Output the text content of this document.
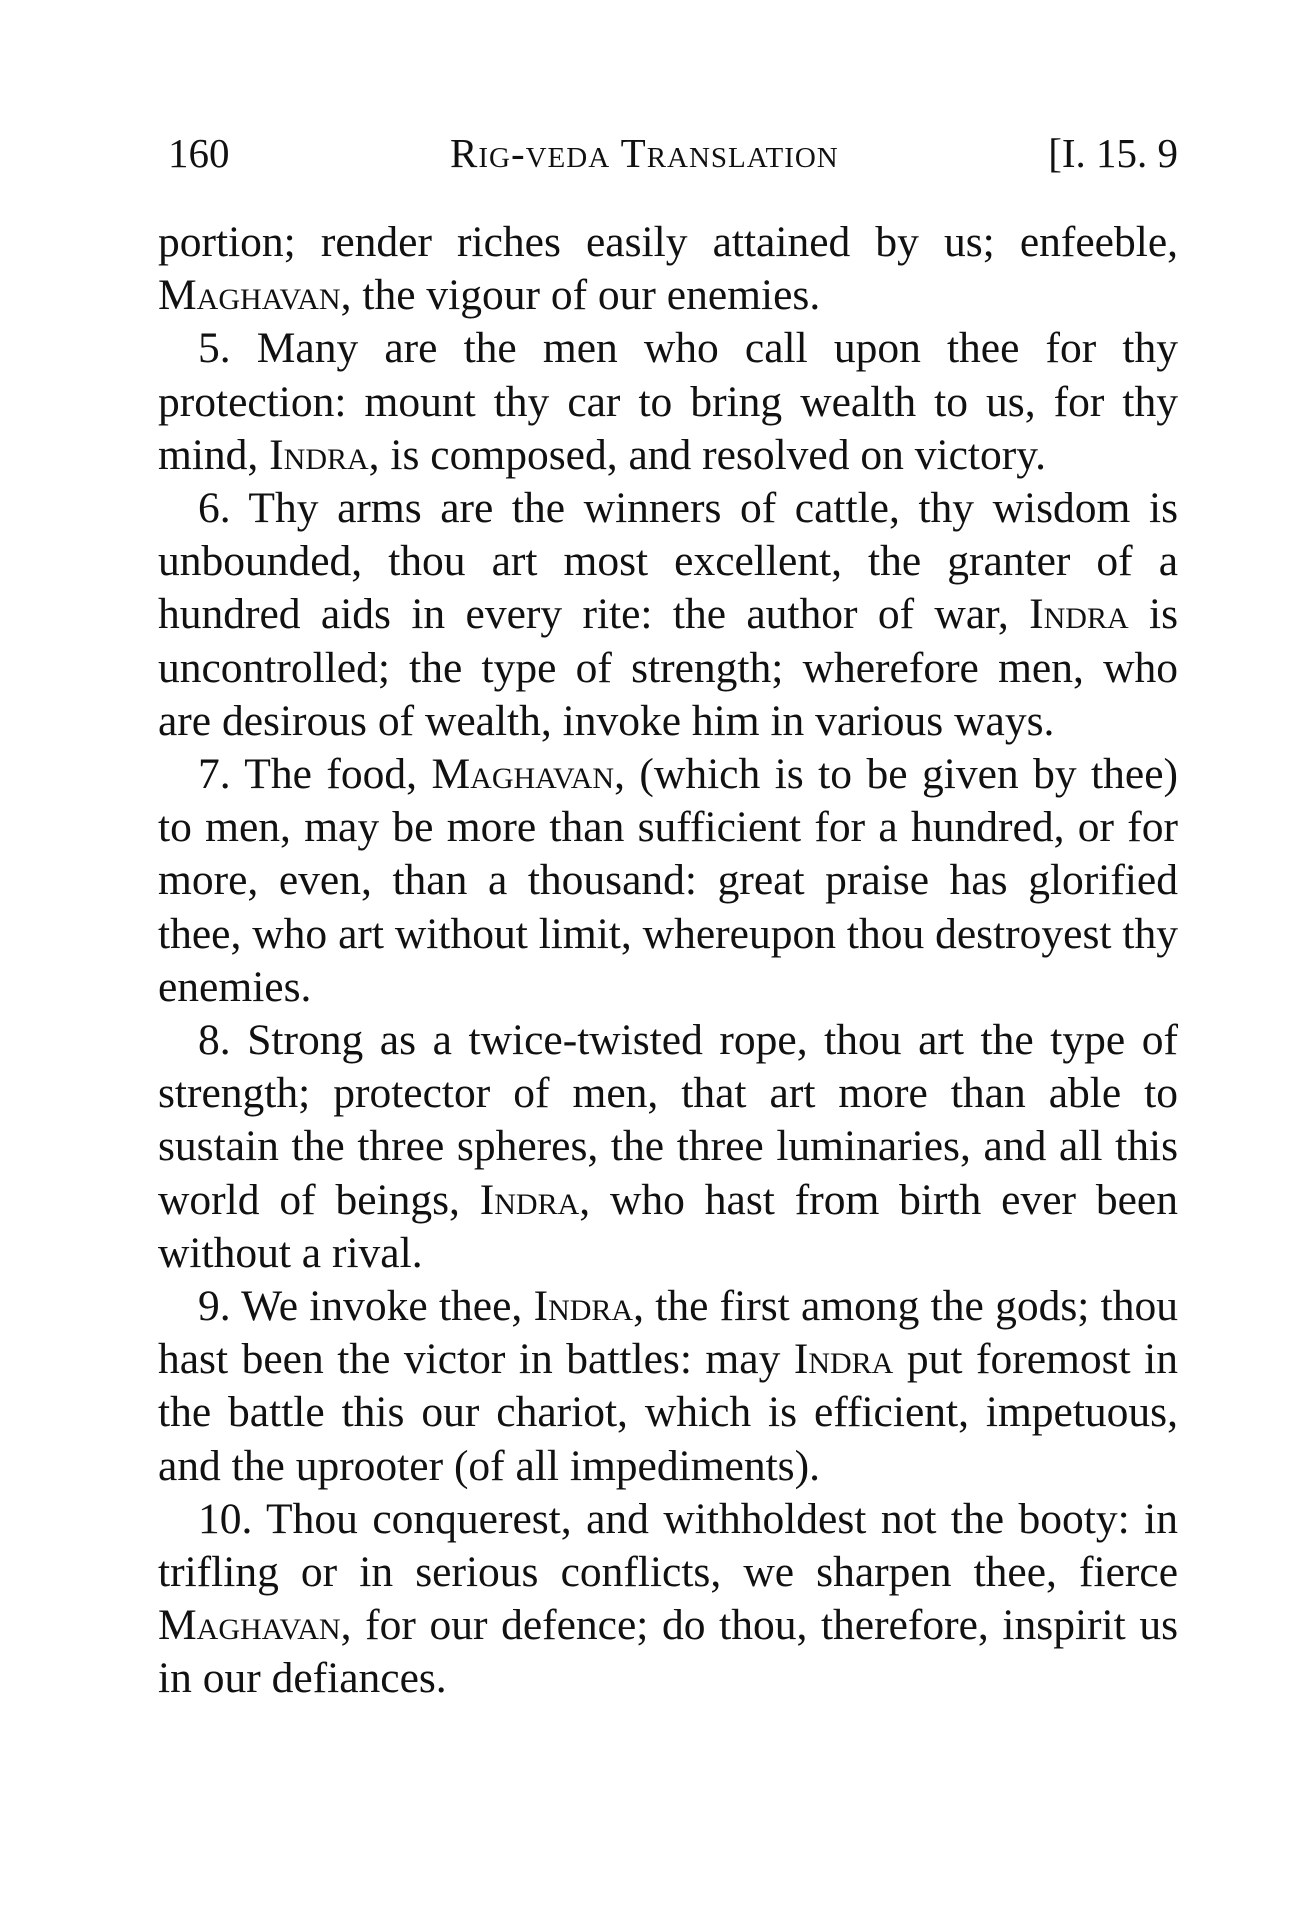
160	Rig-veda Translation	[I. 15. 9

portion; render riches easily attained by us; enfeeble, Maghavan, the vigour of our enemies.

5. Many are the men who call upon thee for thy protection: mount thy car to bring wealth to us, for thy mind, Indra, is composed, and resolved on victory.

6. Thy arms are the winners of cattle, thy wisdom is unbounded, thou art most excellent, the granter of a hundred aids in every rite: the author of war, Indra is uncontrolled; the type of strength; wherefore men, who are desirous of wealth, invoke him in various ways.

7. The food, Maghavan, (which is to be given by thee) to men, may be more than sufficient for a hundred, or for more, even, than a thousand: great praise has glorified thee, who art without limit, whereupon thou destroyest thy enemies.

8. Strong as a twice-twisted rope, thou art the type of strength; protector of men, that art more than able to sustain the three spheres, the three luminaries, and all this world of beings, Indra, who hast from birth ever been without a rival.

9. We invoke thee, Indra, the first among the gods; thou hast been the victor in battles: may Indra put foremost in the battle this our chariot, which is efficient, impetuous, and the uprooter (of all impediments).

10. Thou conquerest, and withholdest not the booty: in trifling or in serious conflicts, we sharpen thee, fierce Maghavan, for our defence; do thou, therefore, inspirit us in our defiances.
